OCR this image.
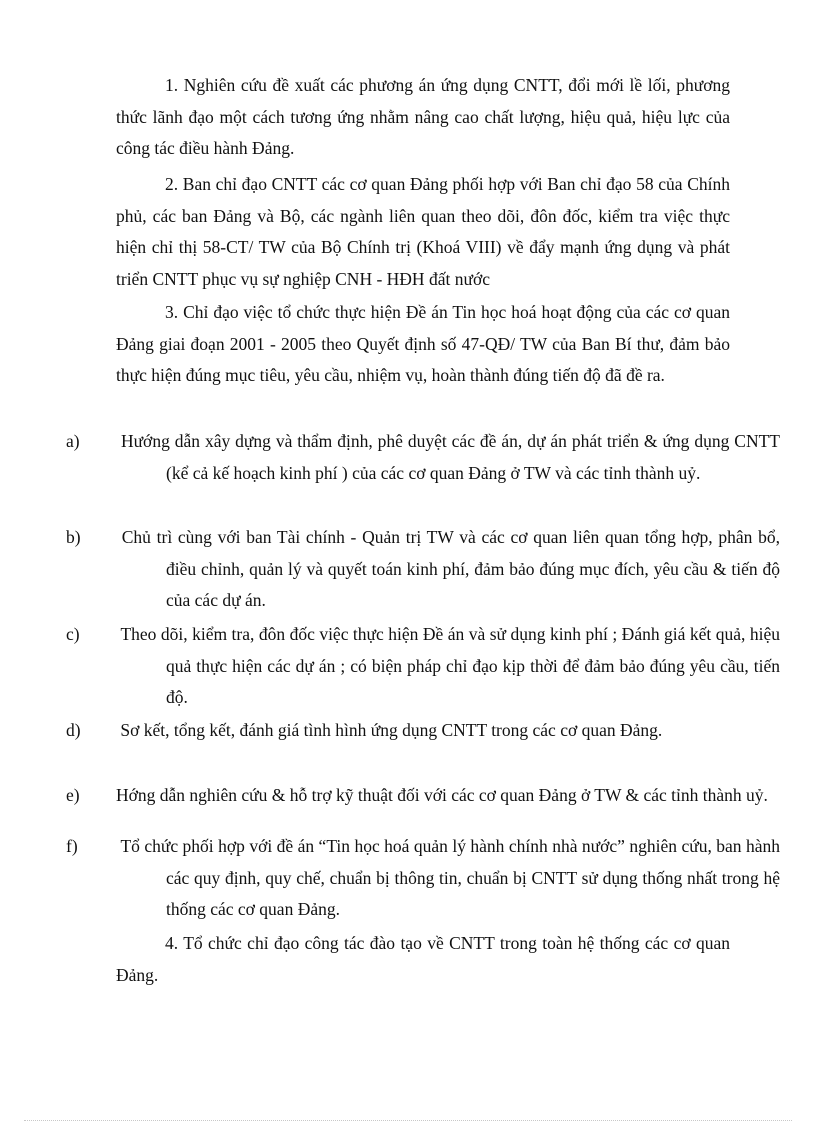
1. Nghiên cứu đề xuất các phương án ứng dụng CNTT, đổi mới lề lối, phương thức lãnh đạo một cách tương ứng nhằm nâng cao chất lượng, hiệu quả, hiệu lực của công tác điều hành Đảng.

2. Ban chỉ đạo CNTT các cơ quan Đảng phối hợp với Ban chỉ đạo 58 của Chính phủ, các ban Đảng và Bộ, các ngành liên quan theo dõi, đôn đốc, kiểm tra việc thực hiện chỉ thị 58-CT/ TW của Bộ Chính trị (Khoá VIII) về đẩy mạnh ứng dụng và phát triển CNTT phục vụ sự nghiệp CNH - HĐH đất nước

3. Chỉ đạo việc tổ chức thực hiện Đề án Tin học hoá hoạt động của các cơ quan Đảng giai đoạn 2001 - 2005 theo Quyết định số 47-QĐ/ TW của Ban Bí thư, đảm bảo thực hiện đúng mục tiêu, yêu cầu, nhiệm vụ, hoàn thành đúng tiến độ đã đề ra.

a) Hướng dẫn xây dựng và thẩm định, phê duyệt các đề án, dự án phát triển & ứng dụng CNTT (kể cả kế hoạch kinh phí ) của các cơ quan Đảng ở TW và các tỉnh thành uỷ.

b) Chủ trì cùng với ban Tài chính - Quản trị TW và các cơ quan liên quan tổng hợp, phân bổ, điều chỉnh, quản lý và quyết toán kinh phí, đảm bảo đúng mục đích, yêu cầu & tiến độ của các dự án.

c) Theo dõi, kiểm tra, đôn đốc việc thực hiện Đề án và sử dụng kinh phí ; Đánh giá kết quả, hiệu quả thực hiện các dự án ; có biện pháp chỉ đạo kịp thời để đảm bảo đúng yêu cầu, tiến độ.

d) Sơ kết, tổng kết, đánh giá tình hình ứng dụng CNTT trong các cơ quan Đảng.

e) Hớng dẫn nghiên cứu & hỗ trợ kỹ thuật đối với các cơ quan Đảng ở TW & các tỉnh thành uỷ.

f) Tổ chức phối hợp với đề án “Tin học hoá quản lý hành chính nhà nước” nghiên cứu, ban hành các quy định, quy chế, chuẩn bị thông tin, chuẩn bị CNTT sử dụng thống nhất trong hệ thống các cơ quan Đảng.

4. Tổ chức chỉ đạo công tác đào tạo về CNTT trong toàn hệ thống các cơ quan Đảng.
